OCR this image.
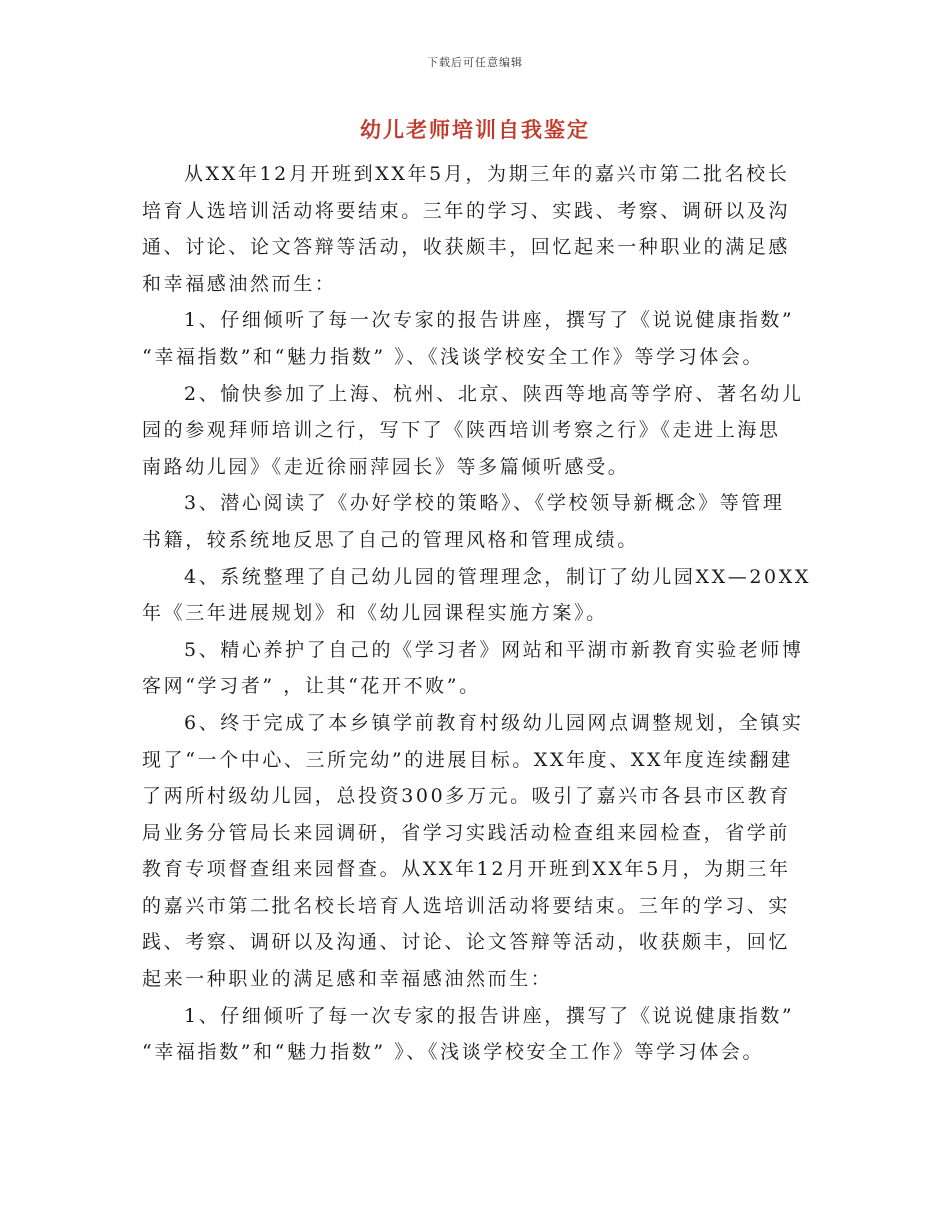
下载后可任意编辑
幼儿老师培训自我鉴定
从XX年12月开班到XX年5月，为期三年的嘉兴市第二批名校长
培育人选培训活动将要结束。三年的学习、实践、考察、调研以及沟
通、讨论、论文答辩等活动，收获颇丰，回忆起来一种职业的满足感
和幸福感油然而生：
1、仔细倾听了每一次专家的报告讲座，撰写了《说说健康指数”
“幸福指数”和“魅力指数” 》、《浅谈学校安全工作》等学习体会。
2、愉快参加了上海、杭州、北京、陕西等地高等学府、著名幼儿
园的参观拜师培训之行，写下了《陕西培训考察之行》《走进上海思
南路幼儿园》《走近徐丽萍园长》等多篇倾听感受。
3、潜心阅读了《办好学校的策略》、《学校领导新概念》等管理
书籍，较系统地反思了自己的管理风格和管理成绩。
4、系统整理了自己幼儿园的管理理念，制订了幼儿园XX—20XX
年《三年进展规划》和《幼儿园课程实施方案》。
5、精心养护了自己的《学习者》网站和平湖市新教育实验老师博
客网“学习者” ，让其“花开不败”。
6、终于完成了本乡镇学前教育村级幼儿园网点调整规划，全镇实
现了“一个中心、三所完幼”的进展目标。XX年度、XX年度连续翻建
了两所村级幼儿园，总投资300多万元。吸引了嘉兴市各县市区教育
局业务分管局长来园调研，省学习实践活动检查组来园检查，省学前
教育专项督查组来园督查。从XX年12月开班到XX年5月，为期三年
的嘉兴市第二批名校长培育人选培训活动将要结束。三年的学习、实
践、考察、调研以及沟通、讨论、论文答辩等活动，收获颇丰，回忆
起来一种职业的满足感和幸福感油然而生：
1、仔细倾听了每一次专家的报告讲座，撰写了《说说健康指数”
“幸福指数”和“魅力指数” 》、《浅谈学校安全工作》等学习体会。
